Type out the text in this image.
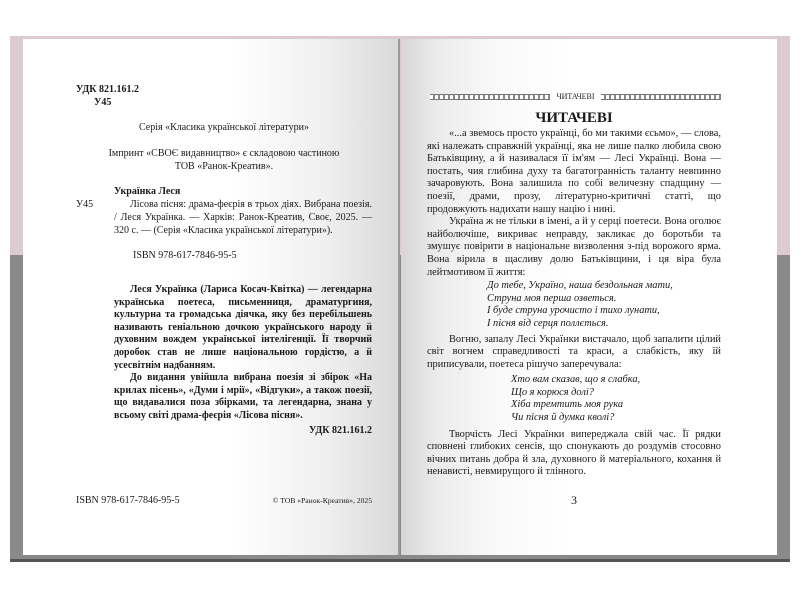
УДК 821.161.2
У45
Серія «Класика української літератури»
Імпринт «СВОЄ видавництво» є складовою частиною
ТОВ «Ранок-Креатив».
Українка Леся
У45	Лісова пісня: драма-феєрія в трьох діях. Вибрана поезія. / Леся Українка. — Харків: Ранок-Креатив, Своє, 2025. — 320 с. — (Серія «Класика української літератури»).
ISBN 978-617-7846-95-5
Леся Українка (Лариса Косач-Квітка) — легендарна українська поетеса, письменниця, драматургиня, культурна та громадська діячка, яку без перебільшень називають геніальною дочкою українського народу й духовним вождем української інтелігенції. Її творчий доробок став не лише національною гордістю, а й усесвітнім надбанням.
До видання увійшла вибрана поезія зі збірок «На крилах пісень», «Думи і мрії», «Відгуки», а також поезії, що видавалися поза збірками, та легендарна, знана у всьому світі драма-феєрія «Лісова пісня».
УДК 821.161.2
ISBN 978-617-7846-95-5	© ТОВ «Ранок-Креатив», 2025
ЧИТАЧЕВІ
ЧИТАЧЕВІ
«...а звемось просто українці, бо ми такими єсьмо», — слова, які належать справжній українці, яка не лише палко любила свою Батьківщину, а й називалася її ім'ям — Лесі Українці. Вона — постать, чия глибина духу та багатогранність таланту невпинно зачаровують. Вона залишила по собі величезну спадщину — поезії, драми, прозу, літературно-критичні статті, що продовжують надихати нашу націю і нині.
Україна ж не тільки в імені, а й у серці поетеси. Вона оголює найболючіше, викриває неправду, закликає до боротьби та змушує повірити в національне визволення з-під ворожого ярма. Вона вірила в щасливу долю Батьківщини, і ця віра була лейтмотивом її життя:
До тебе, Україно, наша бездольная мати,
Струна моя перша озветься.
І буде струна урочисто і тихо лунати,
І пісня від серця поллється.
Вогню, запалу Лесі Українки вистачало, щоб запалити цілий світ вогнем справедливості та краси, а слабкість, яку їй приписували, поетеса рішучо заперечувала:
Хто вам сказав, що я слабка,
Що я корюся долі?
Хіба тремтить моя рука
Чи пісня й думка кволі?
Творчість Лесі Українки випереджала свій час. Її рядки сповнені глибоких сенсів, що спонукають до роздумів стосовно вічних питань добра й зла, духовного й матеріального, кохання й ненависті, невмирущого й тлінного.
3
